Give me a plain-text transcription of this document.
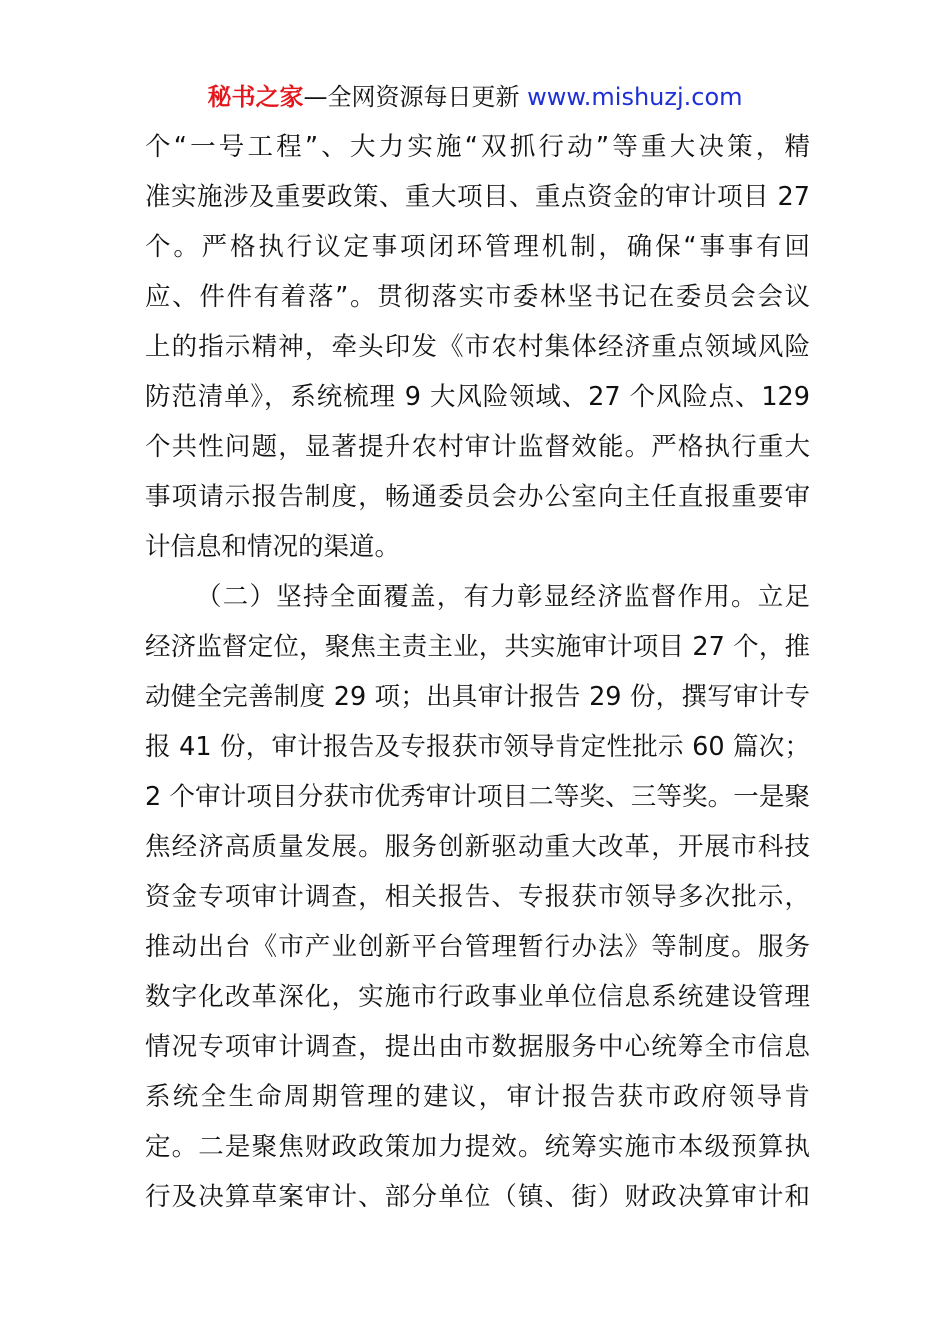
秘书之家—全网资源每日更新 www.mishuzj.com
个“一号工程”、大力实施“双抓行动”等重大决策，精
准实施涉及重要政策、重大项目、重点资金的审计项目 27
个。严格执行议定事项闭环管理机制，确保“事事有回
应、件件有着落”。贯彻落实市委林坚书记在委员会会议
上的指示精神，牵头印发《市农村集体经济重点领域风险
防范清单》，系统梳理 9 大风险领域、27 个风险点、129
个共性问题，显著提升农村审计监督效能。严格执行重大
事项请示报告制度，畅通委员会办公室向主任直报重要审
计信息和情况的渠道。
（二）坚持全面覆盖，有力彰显经济监督作用。立足
经济监督定位，聚焦主责主业，共实施审计项目 27 个，推
动健全完善制度 29 项；出具审计报告 29 份，撰写审计专
报 41 份，审计报告及专报获市领导肯定性批示 60 篇次；
2 个审计项目分获市优秀审计项目二等奖、三等奖。一是聚
焦经济高质量发展。服务创新驱动重大改革，开展市科技
资金专项审计调查，相关报告、专报获市领导多次批示，
推动出台《市产业创新平台管理暂行办法》等制度。服务
数字化改革深化，实施市行政事业单位信息系统建设管理
情况专项审计调查，提出由市数据服务中心统筹全市信息
系统全生命周期管理的建议，审计报告获市政府领导肯
定。二是聚焦财政政策加力提效。统筹实施市本级预算执
行及决算草案审计、部分单位（镇、街）财政决算审计和
